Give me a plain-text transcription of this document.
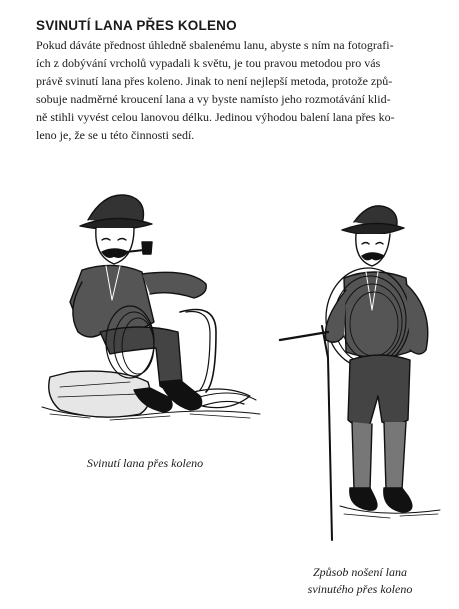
SVINUTÍ LANA PŘES KOLENO
Pokud dáváte přednost úhledně sbalenému lanu, abyste s ním na fotografi-
ích z dobývání vrcholů vypadali k světu, je tou pravou metodou pro vás
právě svinutí lana přes koleno. Jinak to není nejlepší metoda, protože způ-
sobuje nadměrné kroucení lana a vy byste namísto jeho rozmotávání klid-
ně stihli vyvést celou lanovou délku. Jedinou výhodou balení lana přes ko-
leno je, že se u této činnosti sedí.
Svinutí lana přes koleno
Způsob nošení lana
svinutého přes koleno
